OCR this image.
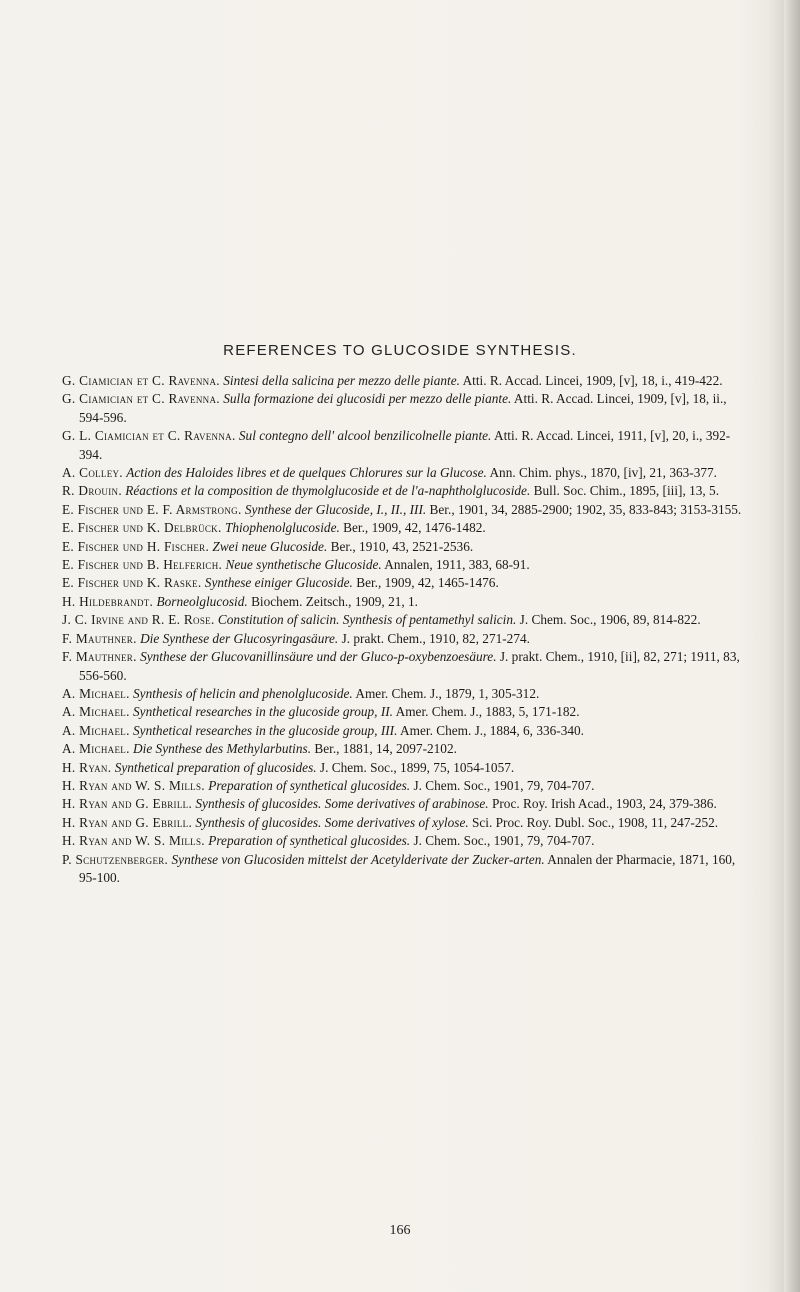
REFERENCES TO GLUCOSIDE SYNTHESIS.

G. Ciamician et C. Ravenna. Sintesi della salicina per mezzo delle piante. Atti. R. Accad. Lincei, 1909, [v], 18, i., 419-422.

G. Ciamician et C. Ravenna. Sulla formazione dei glucosidi per mezzo delle piante. Atti. R. Accad. Lincei, 1909, [v], 18, ii., 594-596.

G. L. Ciamician et C. Ravenna. Sul contegno dell' alcool benzilicolnelle piante. Atti. R. Accad. Lincei, 1911, [v], 20, i., 392-394.

A. Colley. Action des Haloides libres et de quelques Chlorures sur la Glucose. Ann. Chim. phys., 1870, [iv], 21, 363-377.

R. Drouin. Réactions et la composition de thymolglucoside et de l'a-naphtholglucoside. Bull. Soc. Chim., 1895, [iii], 13, 5.

E. Fischer und E. F. Armstrong. Synthese der Glucoside, I., II., III. Ber., 1901, 34, 2885-2900; 1902, 35, 833-843; 3153-3155.

E. Fischer und K. Delbrück. Thiophenolglucoside. Ber., 1909, 42, 1476-1482.

E. Fischer und H. Fischer. Zwei neue Glucoside. Ber., 1910, 43, 2521-2536.

E. Fischer und B. Helferich. Neue synthetische Glucoside. Annalen, 1911, 383, 68-91.

E. Fischer und K. Raske. Synthese einiger Glucoside. Ber., 1909, 42, 1465-1476.

H. Hildebrandt. Borneolglucosid. Biochem. Zeitsch., 1909, 21, 1.

J. C. Irvine and R. E. Rose. Constitution of salicin. Synthesis of pentamethyl salicin. J. Chem. Soc., 1906, 89, 814-822.

F. Mauthner. Die Synthese der Glucosyringasäure. J. prakt. Chem., 1910, 82, 271-274.

F. Mauthner. Synthese der Glucovanillinsäure und der Gluco-p-oxybenzoesäure. J. prakt. Chem., 1910, [ii], 82, 271; 1911, 83, 556-560.

A. Michael. Synthesis of helicin and phenolglucoside. Amer. Chem. J., 1879, 1, 305-312.

A. Michael. Synthetical researches in the glucoside group, II. Amer. Chem. J., 1883, 5, 171-182.

A. Michael. Synthetical researches in the glucoside group, III. Amer. Chem. J., 1884, 6, 336-340.

A. Michael. Die Synthese des Methylarbutins. Ber., 1881, 14, 2097-2102.

H. Ryan. Synthetical preparation of glucosides. J. Chem. Soc., 1899, 75, 1054-1057.

H. Ryan and W. S. Mills. Preparation of synthetical glucosides. J. Chem. Soc., 1901, 79, 704-707.

H. Ryan and G. Ebrill. Synthesis of glucosides. Some derivatives of arabinose. Proc. Roy. Irish Acad., 1903, 24, 379-386.

H. Ryan and G. Ebrill. Synthesis of glucosides. Some derivatives of xylose. Sci. Proc. Roy. Dubl. Soc., 1908, 11, 247-252.

H. Ryan and W. S. Mills. Preparation of synthetical glucosides. J. Chem. Soc., 1901, 79, 704-707.

P. Schutzenberger. Synthese von Glucosiden mittelst der Acetylderivate der Zucker-arten. Annalen der Pharmacie, 1871, 160, 95-100.

166
